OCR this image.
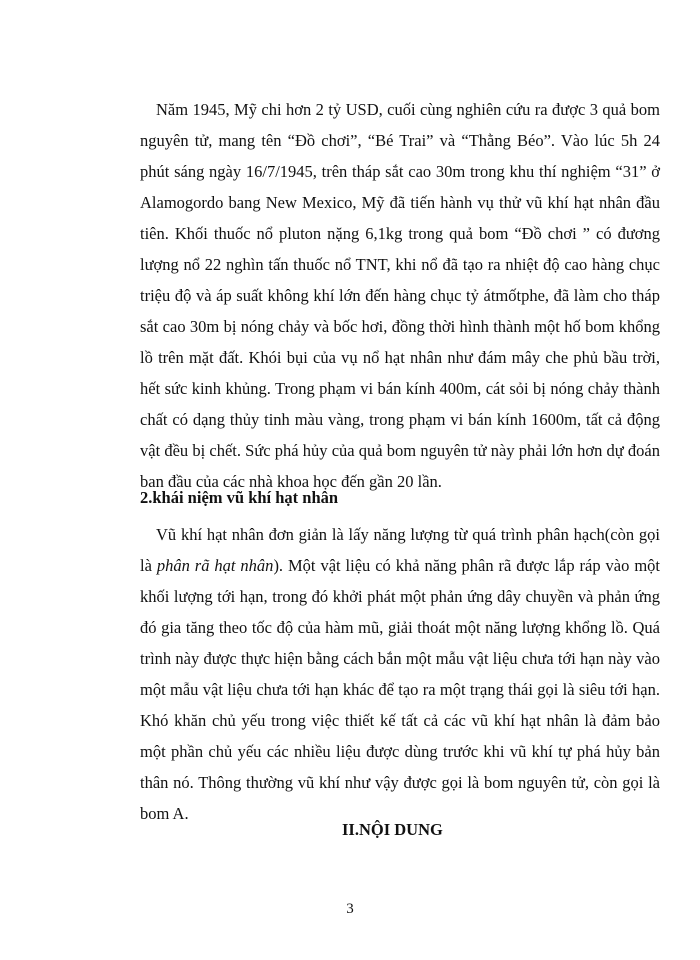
Năm 1945, Mỹ chi hơn 2 tỷ USD, cuối cùng nghiên cứu ra được 3 quả bom nguyên tử, mang tên “Đồ chơi”, “Bé Trai” và “Thằng Béo”. Vào lúc 5h 24 phút sáng ngày 16/7/1945, trên tháp sắt cao 30m trong khu thí nghiệm “31” ở Alamogordo bang New Mexico, Mỹ đã tiến hành vụ thử vũ khí hạt nhân đầu tiên. Khối thuốc nổ pluton nặng 6,1kg trong quả bom “Đồ chơi ” có đương lượng nổ 22 nghìn tấn thuốc nổ TNT, khi nổ đã tạo ra nhiệt độ cao hàng chục triệu độ và áp suất không khí lớn đến hàng chục tỷ átmốtphe, đã làm cho tháp sắt cao 30m bị nóng chảy và bốc hơi, đồng thời hình thành một hố bom khổng lồ trên mặt đất. Khói bụi của vụ nổ hạt nhân như đám mây che phủ bầu trời, hết sức kinh khủng. Trong phạm vi bán kính 400m, cát sỏi bị nóng chảy thành chất có dạng thủy tinh màu vàng, trong phạm vi bán kính 1600m, tất cả động vật đều bị chết. Sức phá hủy của quả bom nguyên tử này phải lớn hơn dự đoán ban đầu của các nhà khoa học đến gần 20 lần.

2.khái niệm vũ khí hạt nhân

Vũ khí hạt nhân đơn giản là lấy năng lượng từ quá trình phân hạch(còn gọi là phân rã hạt nhân). Một vật liệu có khả năng phân rã được lắp ráp vào một khối lượng tới hạn, trong đó khởi phát một phản ứng dây chuyền và phản ứng đó gia tăng theo tốc độ của hàm mũ, giải thoát một năng lượng khổng lồ. Quá trình này được thực hiện bằng cách bắn một mẫu vật liệu chưa tới hạn này vào một mẫu vật liệu chưa tới hạn khác để tạo ra một trạng thái gọi là siêu tới hạn. Khó khăn chủ yếu trong việc thiết kế tất cả các vũ khí hạt nhân là đảm bảo một phần chủ yếu các nhiều liệu được dùng trước khi vũ khí tự phá hủy bản thân nó. Thông thường vũ khí như vậy được gọi là bom nguyên tử, còn gọi là bom A.

II.NỘI DUNG

3
